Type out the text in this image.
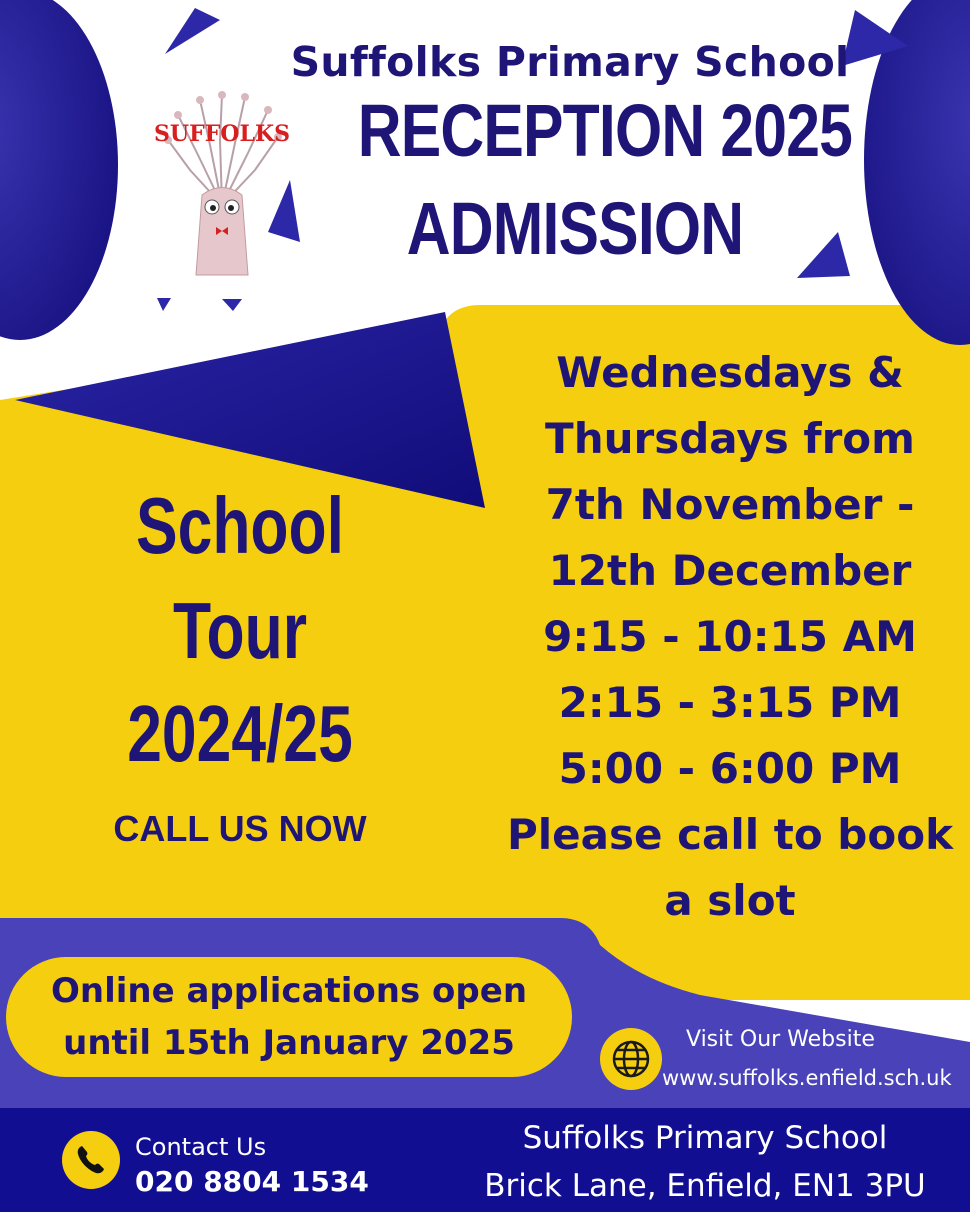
SUFFOLKS

Suffolks Primary School

RECEPTION 2025

ADMISSION

School

Tour

2024/25

CALL US NOW

Wednesdays &

Thursdays from

7th November -

12th December

9:15 - 10:15 AM

2:15 - 3:15 PM

5:00 - 6:00 PM

Please call to book

a slot

Online applications open
until 15th January 2025	Visit Our Website
www.suffolks.enfield.sch.uk
Contact Us
020 8804 1534
Suffolks Primary School
Brick Lane, Enfield, EN1 3PU
